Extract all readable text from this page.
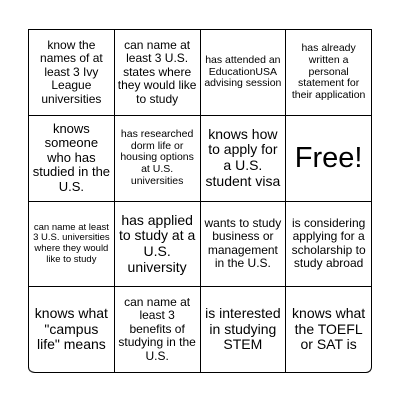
know the names of at least 3 Ivy League universities
can name at least 3 U.S. states where they would like to study
has attended an EducationUSA advising session
has already written a personal statement for their application
knows someone who has studied in the U.S.
has researched dorm life or housing options at U.S. universities
knows how to apply for a U.S. student visa
Free!
can name at least 3 U.S. universities where they would like to study
has applied to study at a U.S. university
wants to study business or management in the U.S.
is considering applying for a scholarship to study abroad
knows what "campus life" means
can name at least 3 benefits of studying in the U.S.
is interested in studying STEM
knows what the TOEFL or SAT is
